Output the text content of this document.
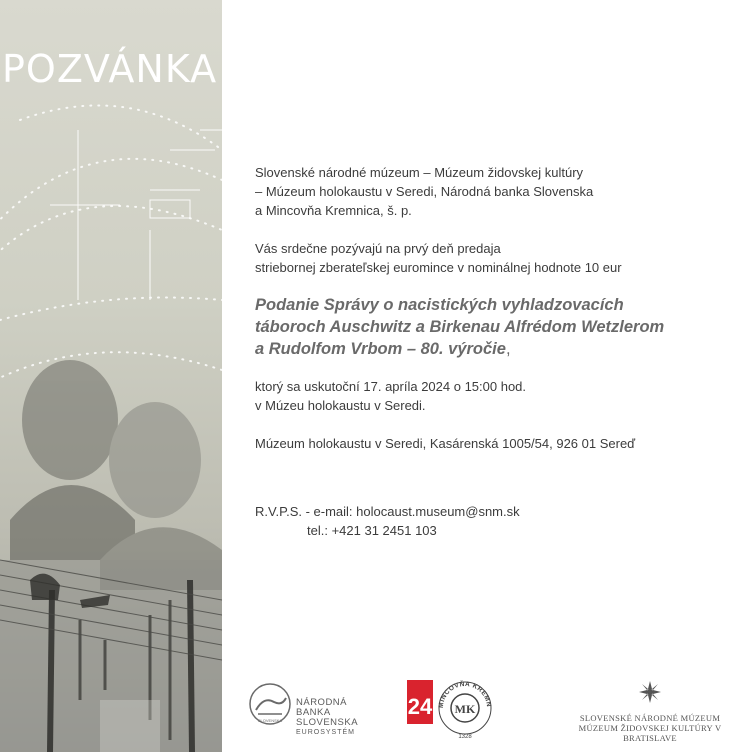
POZVÁNKA

Slovenské národné múzeum – Múzeum židovskej kultúry

– Múzeum holokaustu v Seredi, Národná banka Slovenska

a Mincovňa Kremnica, š. p.

Vás srdečne pozývajú na prvý deň predaja

striebornej zberateľskej euromince v nominálnej hodnote 10 eur

Podanie Správy o nacistických vyhladzovacích

táboroch Auschwitz a Birkenau Alfrédom Wetzlerom

a Rudolfom Vrbom – 80. výročie,

ktorý sa uskutoční 17. apríla 2024 o 15:00 hod.

v Múzeu holokaustu v Seredi.

Múzeum holokaustu v Seredi, Kasárenská 1005/54, 926 01 Sereď

R.V.P.S. - e-mail: holocaust.museum@snm.sk

tel.: +421 31 2451 103

SLOVENSKA
NÁRODNÁ
BANKA
SLOVENSKA
EUROSYSTÉM
24 MINCOVŇA KREMN
MK
1328
SLOVENSKÉ NÁRODNÉ MÚZEUM
MÚZEUM ŽIDOVSKEJ KULTÚRY V BRATISLAVE
